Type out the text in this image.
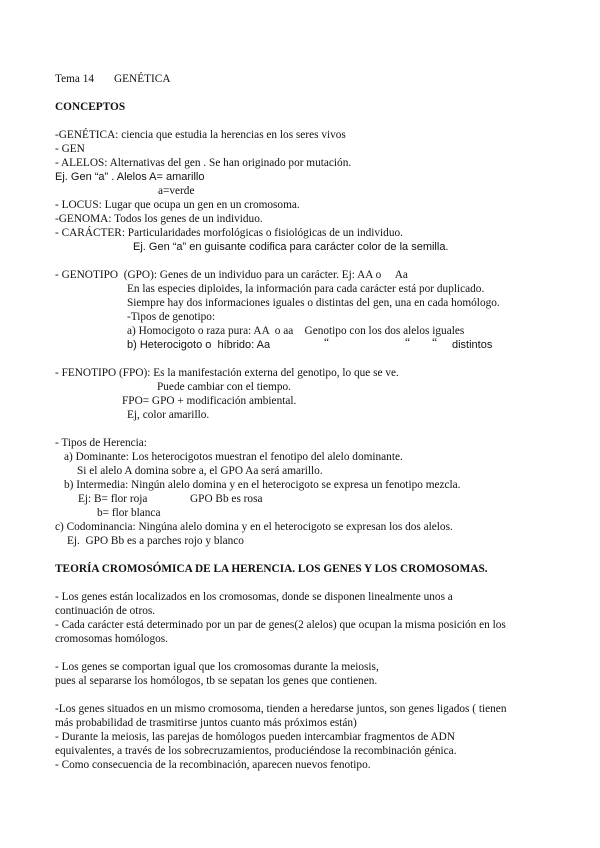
Tema 14 GENÉTICA
CONCEPTOS
-GENÉTICA: ciencia que estudia la herencias en los seres vivos
- GEN
- ALELOS: Alternativas del gen . Se han originado por mutación.
Ej. Gen “a” . Alelos A= amarillo
a=verde
- LOCUS: Lugar que ocupa un gen en un cromosoma.
-GENOMA: Todos los genes de un individuo.
- CARÁCTER: Particularidades morfológicas o fisiológicas de un individuo.
Ej. Gen “a” en guisante codifica para carácter color de la semilla.
- GENOTIPO  (GPO): Genes de un individuo para un carácter. Ej: AA o     Aa
En las especies diploides, la información para cada carácter está por duplicado.
Siempre hay dos informaciones iguales o distintas del gen, una en cada homólogo.
-Tipos de genotipo:
a) Homocigoto o raza pura: AA  o aa    Genotipo con los dos alelos iguales
b) Heterocigoto o  híbrido: Aa	“	“ “ distintos
- FENOTIPO (FPO): Es la manifestación externa del genotipo, lo que se ve.
Puede cambiar con el tiempo.
FPO= GPO + modificación ambiental.
Ej, color amarillo.
- Tipos de Herencia:
a) Dominante: Los heterocigotos muestran el fenotipo del alelo dominante.
Si el alelo A domina sobre a, el GPO Aa será amarillo.
b) Intermedia: Ningún alelo domina y en el heterocigoto se expresa un fenotipo mezcla.
Ej: B= flor roja	GPO Bb es rosa
b= flor blanca
c) Codominancia: Ningúna alelo domina y en el heterocigoto se expresan los dos alelos.
Ej.  GPO Bb es a parches rojo y blanco
TEORÍA CROMOSÓMICA DE LA HERENCIA. LOS GENES Y LOS CROMOSOMAS.
- Los genes están localizados en los cromosomas, donde se disponen linealmente unos a
continuación de otros.
- Cada carácter está determinado por un par de genes(2 alelos) que ocupan la misma posición en los
cromosomas homólogos.
- Los genes se comportan igual que los cromosomas durante la meiosis,
pues al separarse los homólogos, tb se sepatan los genes que contienen.
-Los genes situados en un mismo cromosoma, tienden a heredarse juntos, son genes ligados ( tienen
más probabilidad de trasmitirse juntos cuanto más próximos están)
- Durante la meiosis, las parejas de homólogos pueden intercambiar fragmentos de ADN
equivalentes, a través de los sobrecruzamientos, produciéndose la recombinación génica.
- Como consecuencia de la recombinación, aparecen nuevos fenotipo.
